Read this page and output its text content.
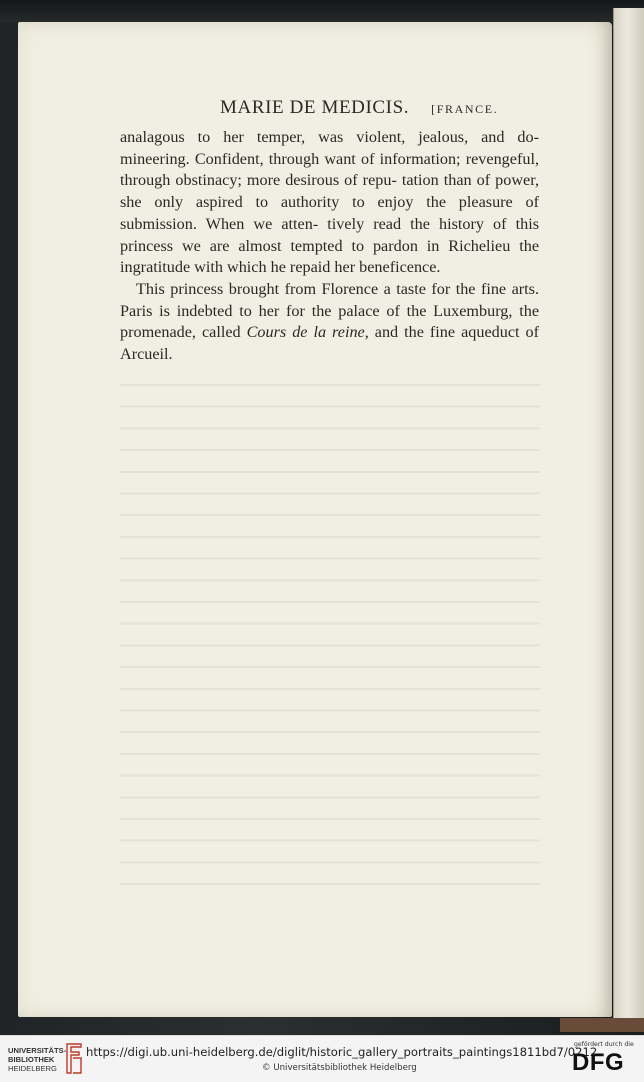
MARIE DE MEDICIS. [FRANCE.

analagous to her temper, was violent, jealous, and do- mineering. Confident, through want of information; revengeful, through obstinacy; more desirous of repu- tation than of power, she only aspired to authority to enjoy the pleasure of submission. When we atten- tively read the history of this princess we are almost tempted to pardon in Richelieu the ingratitude with which he repaid her beneficence.

This princess brought from Florence a taste for the fine arts. Paris is indebted to her for the palace of the Luxemburg, the promenade, called Cours de la reine, and the fine aqueduct of Arcueil.

UNIVERSITÄTS-
BIBLIOTHEK
HEIDELBERG
https://digi.ub.uni-heidelberg.de/diglit/historic_gallery_portraits_paintings1811bd7/0212
© Universitätsbibliothek Heidelberg
gefördert durch die
DFG
